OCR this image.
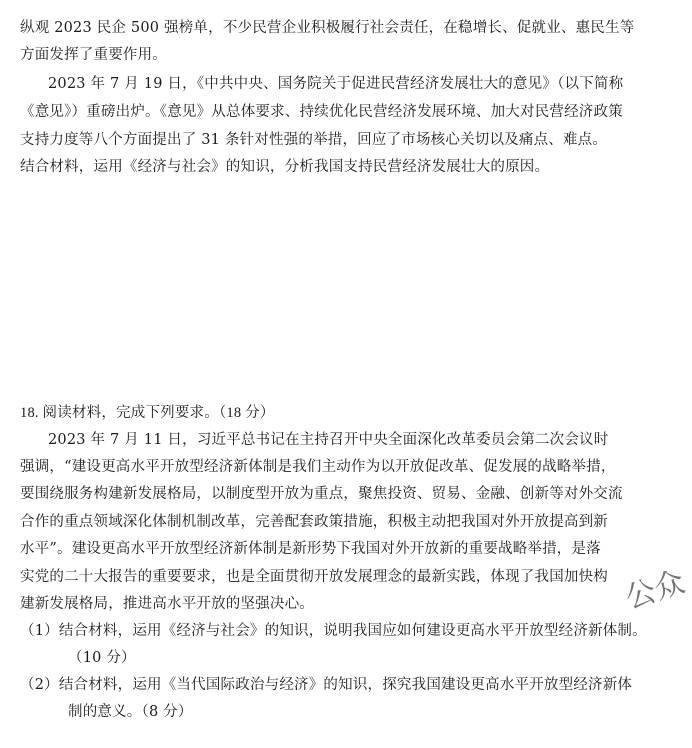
纵观 2023 民企 500 强榜单，不少民营企业积极履行社会责任，在稳增长、促就业、惠民生等
方面发挥了重要作用。
2023 年 7 月 19 日，《中共中央、国务院关于促进民营经济发展壮大的意见》（以下简称
《意见》）重磅出炉。《意见》从总体要求、持续优化民营经济发展环境、加大对民营经济政策
支持力度等八个方面提出了 31 条针对性强的举措，回应了市场核心关切以及痛点、难点。
结合材料，运用《经济与社会》的知识，分析我国支持民营经济发展壮大的原因。
18. 阅读材料，完成下列要求。（18 分）
2023 年 7 月 11 日，习近平总书记在主持召开中央全面深化改革委员会第二次会议时
强调，“建设更高水平开放型经济新体制是我们主动作为以开放促改革、促发展的战略举措，
要围绕服务构建新发展格局，以制度型开放为重点，聚焦投资、贸易、金融、创新等对外交流
合作的重点领域深化体制机制改革，完善配套政策措施，积极主动把我国对外开放提高到新
水平”。建设更高水平开放型经济新体制是新形势下我国对外开放新的重要战略举措，是落
实党的二十大报告的重要要求，也是全面贯彻开放发展理念的最新实践，体现了我国加快构
建新发展格局，推进高水平开放的坚强决心。
（1）结合材料，运用《经济与社会》的知识，说明我国应如何建设更高水平开放型经济新体制。
（10 分）
（2）结合材料，运用《当代国际政治与经济》的知识，探究我国建设更高水平开放型经济新体
制的意义。（8 分）
公众
